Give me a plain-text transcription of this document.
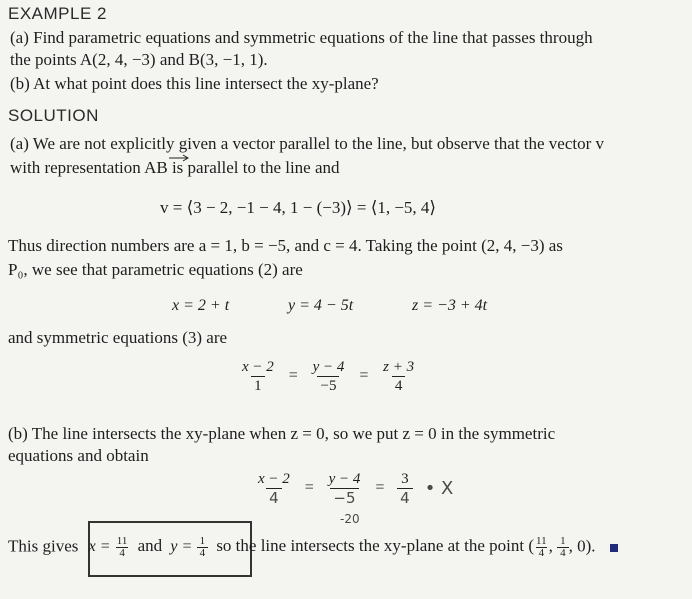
EXAMPLE 2
(a) Find parametric equations and symmetric equations of the line that passes through
the points A(2, 4, −3) and B(3, −1, 1).
(b) At what point does this line intersect the xy-plane?
SOLUTION
(a) We are not explicitly given a vector parallel to the line, but observe that the vector v
with representation AB is parallel to the line and
v = ⟨3 − 2, −1 − 4, 1 − (−3)⟩ = ⟨1, −5, 4⟩
Thus direction numbers are a = 1, b = −5, and c = 4. Taking the point (2, 4, −3) as
P₀, we see that parametric equations (2) are
x = 2 + t	y = 4 − 5t	z = −3 + 4t
and symmetric equations (3) are
$\frac{x - 2}{1} = \frac{y - 4}{-5} = \frac{z + 3}{4}$
(b) The line intersects the xy-plane when z = 0, so we put z = 0 in the symmetric
equations and obtain
$\frac{x - 2}{4} = \frac{y - 4}{-5} = \frac{3}{4}$ • X
-20
This gives $x = \frac{11}{4}$ and $y = \frac{1}{4}$ so the line intersects the xy-plane at the point ( $\frac{11}{4}$ , $\frac{1}{4}$ , 0).
